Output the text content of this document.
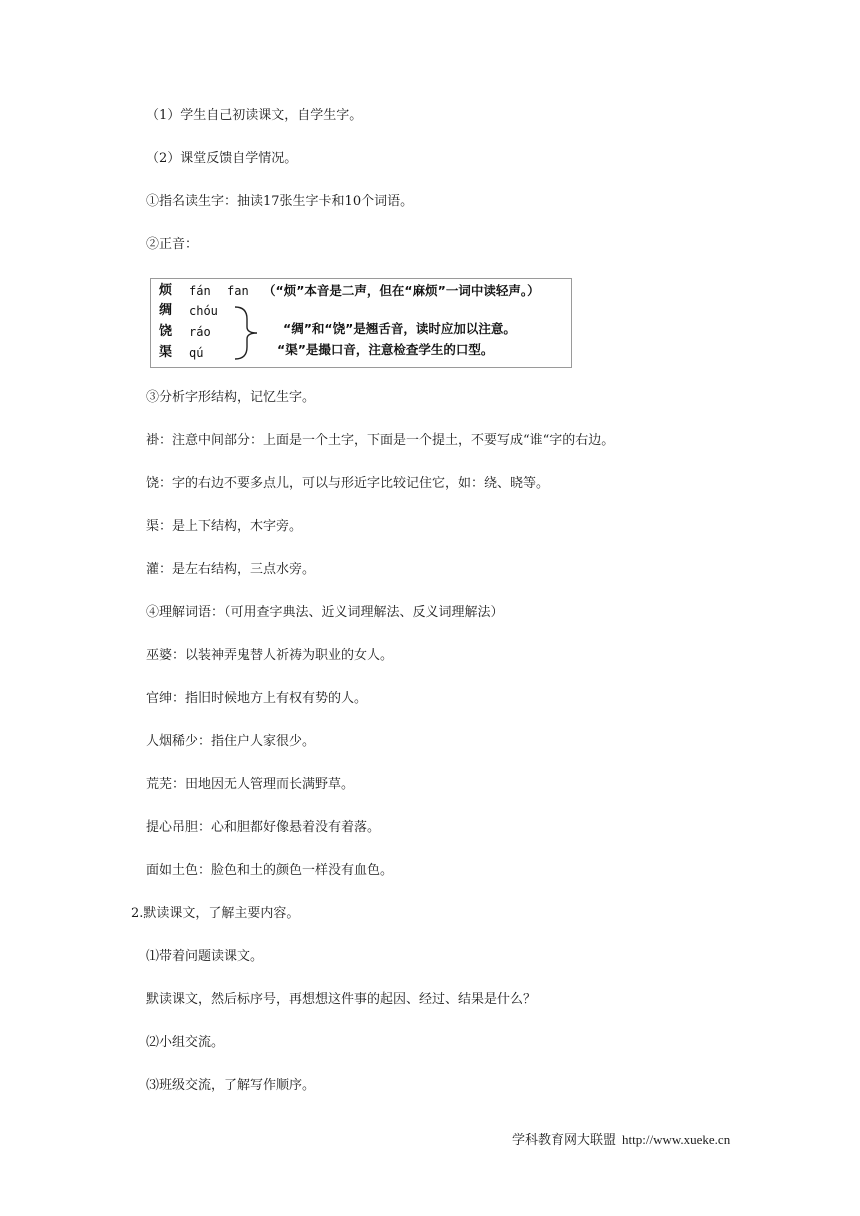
（1）学生自己初读课文，自学生字。
（2）课堂反馈自学情况。
①指名读生字：抽读17张生字卡和10个词语。
②正音：
烦 fán fan （“烦”本音是二声，但在“麻烦”一词中读轻声。）
绸 chóu
饶 ráo	“绸”和“饶”是翘舌音，读时应加以注意。
渠 qú	“渠”是撮口音，注意检查学生的口型。
③分析字形结构，记忆生字。
褂：注意中间部分：上面是一个土字，下面是一个提土，不要写成“谁“字的右边。
饶：字的右边不要多点儿，可以与形近字比较记住它，如：绕、晓等。
渠：是上下结构，木字旁。
灌：是左右结构，三点水旁。
④理解词语：（可用查字典法、近义词理解法、反义词理解法）
巫婆：以装神弄鬼替人祈祷为职业的女人。
官绅：指旧时候地方上有权有势的人。
人烟稀少：指住户人家很少。
荒芜：田地因无人管理而长满野草。
提心吊胆：心和胆都好像悬着没有着落。
面如土色：脸色和土的颜色一样没有血色。
2.默读课文，了解主要内容。
⑴带着问题读课文。
默读课文，然后标序号，再想想这件事的起因、经过、结果是什么？
⑵小组交流。
⑶班级交流，了解写作顺序。
学科教育网大联盟 http://www.xueke.cn
